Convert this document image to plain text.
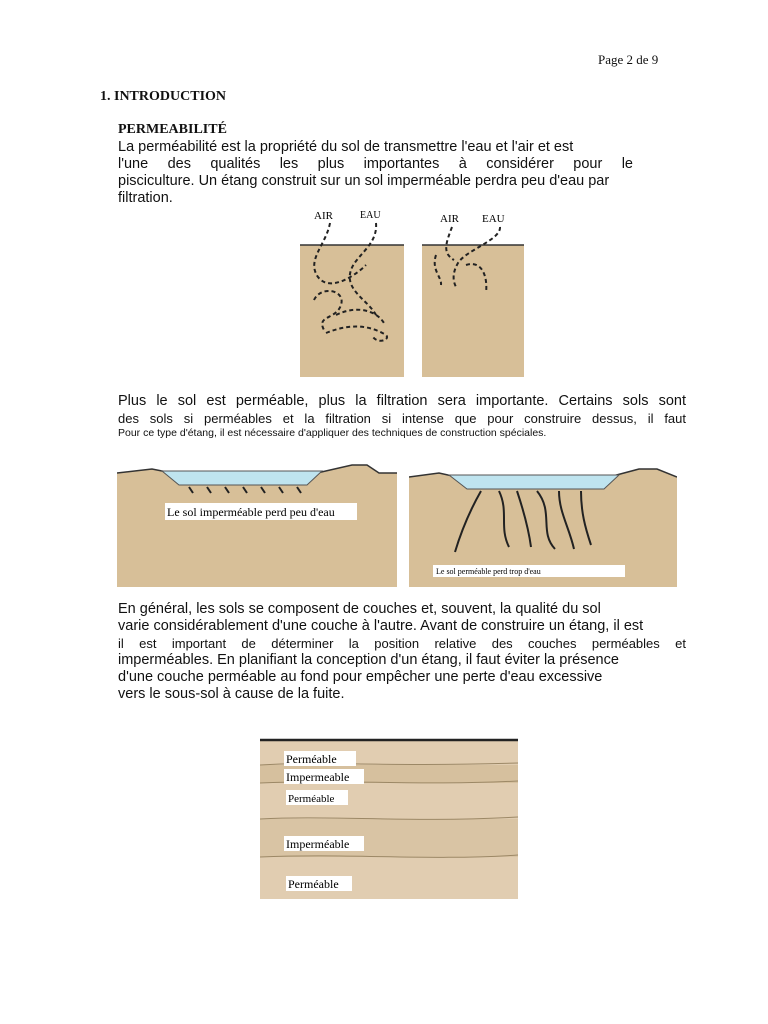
Page 2 de 9
1. INTRODUCTION
PERMEABILITÉ
La perméabilité est la propriété du sol de transmettre l'eau et l'air et est
l'une des qualités les plus importantes à considérer pour le
pisciculture. Un étang construit sur un sol imperméable perdra peu d'eau par
filtration.
AIR	EAU	AIR EAU
Plus le sol est perméable, plus la filtration sera importante. Certains sols sont
des sols si perméables et la filtration si intense que pour construire dessus, il faut
Pour ce type d'étang, il est nécessaire d'appliquer des techniques de construction spéciales.
Le sol imperméable perd peu d'eau
Le sol perméable perd trop d'eau
En général, les sols se composent de couches et, souvent, la qualité du sol
varie considérablement d'une couche à l'autre. Avant de construire un étang, il est
il est important de déterminer la position relative des couches perméables et
imperméables. En planifiant la conception d'un étang, il faut éviter la présence
d'une couche perméable au fond pour empêcher une perte d'eau excessive
vers le sous-sol à cause de la fuite.
Perméable
Impermeable
Perméable
Imperméable
Perméable
